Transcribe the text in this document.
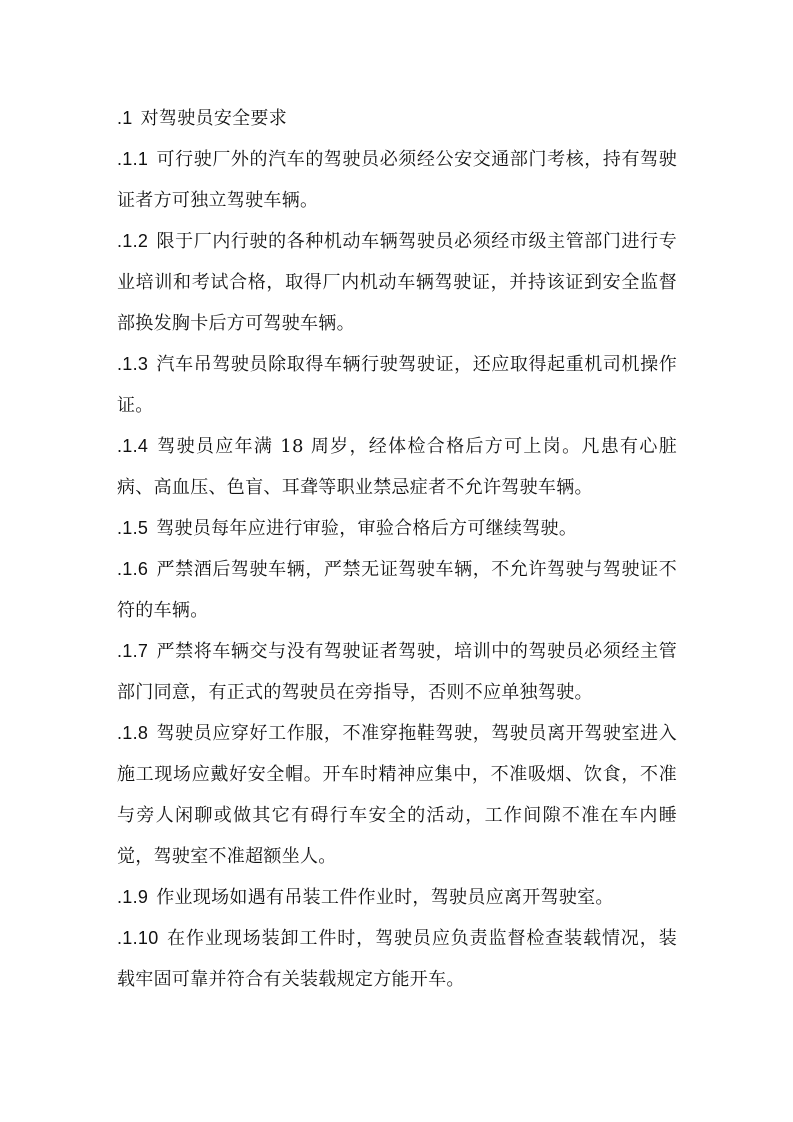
.1 对驾驶员安全要求

.1.1 可行驶厂外的汽车的驾驶员必须经公安交通部门考核，持有驾驶证者方可独立驾驶车辆。

.1.2 限于厂内行驶的各种机动车辆驾驶员必须经市级主管部门进行专业培训和考试合格，取得厂内机动车辆驾驶证，并持该证到安全监督部换发胸卡后方可驾驶车辆。

.1.3 汽车吊驾驶员除取得车辆行驶驾驶证，还应取得起重机司机操作证。

.1.4 驾驶员应年满 18 周岁，经体检合格后方可上岗。凡患有心脏病、高血压、色盲、耳聋等职业禁忌症者不允许驾驶车辆。

.1.5 驾驶员每年应进行审验，审验合格后方可继续驾驶。

.1.6 严禁酒后驾驶车辆，严禁无证驾驶车辆，不允许驾驶与驾驶证不符的车辆。

.1.7 严禁将车辆交与没有驾驶证者驾驶，培训中的驾驶员必须经主管部门同意，有正式的驾驶员在旁指导，否则不应单独驾驶。

.1.8 驾驶员应穿好工作服，不准穿拖鞋驾驶，驾驶员离开驾驶室进入施工现场应戴好安全帽。开车时精神应集中，不准吸烟、饮食，不准与旁人闲聊或做其它有碍行车安全的活动，工作间隙不准在车内睡觉，驾驶室不准超额坐人。

.1.9 作业现场如遇有吊装工件作业时，驾驶员应离开驾驶室。

.1.10 在作业现场装卸工件时，驾驶员应负责监督检查装载情况，装载牢固可靠并符合有关装载规定方能开车。
